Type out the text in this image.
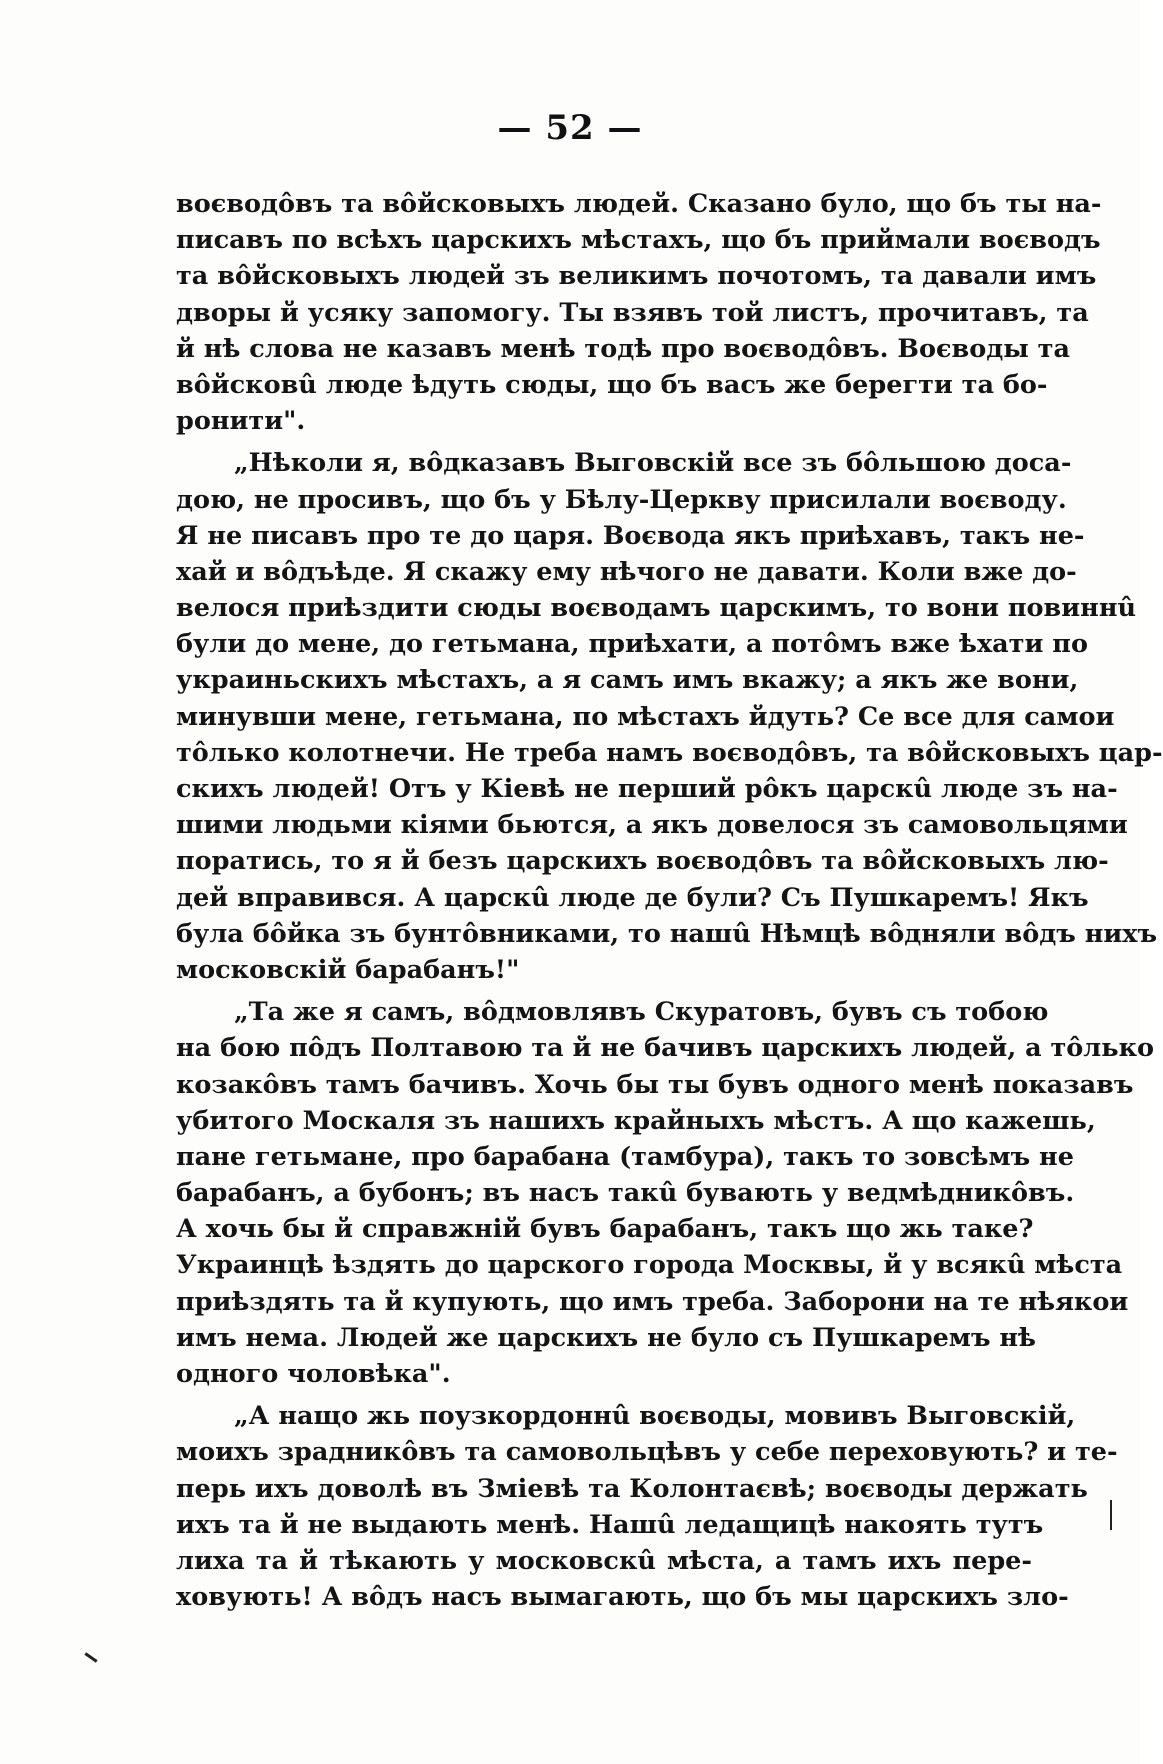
— 52 —
воєводôвъ та вôйсковыхъ людей. Сказано було, що бъ ты на-
писавъ по всѣхъ царскихъ мѣстахъ, що бъ приймали воєводъ
та вôйсковыхъ людей зъ великимъ почотомъ, та давали имъ
дворы й усяку запомогу. Ты взявъ той листъ, прочитавъ, та
й нѣ слова не казавъ менѣ тодѣ про воєводôвъ. Воєводы та
вôйсковû люде ѣдуть сюды, що бъ васъ же берегти та бо-
ронити".
„Нѣколи я, вôдказавъ Выговскій все зъ бôльшою доса-
дою, не просивъ, що бъ у Бѣлу-Церкву присилали воєводу.
Я не писавъ про те до царя. Воєвода якъ приѣхавъ, такъ не-
хай и вôдъѣде. Я скажу ему нѣчого не давати. Коли вже до-
велося приѣздити сюды воєводамъ царскимъ, то вони повиннû
були до мене, до гетьмана, приѣхати, а потôмъ вже ѣхати по
украиньскихъ мѣстахъ, а я самъ имъ вкажу; а якъ же вони,
минувши мене, гетьмана, по мѣстахъ йдуть? Се все для самои
тôлько колотнечи. Не треба намъ воєводôвъ, та вôйсковыхъ цар-
скихъ людей! Отъ у Кіевѣ не перший рôкъ царскû люде зъ на-
шими людьми кіями бьются, а якъ довелося зъ самовольцями
поратись, то я й безъ царскихъ воєводôвъ та вôйсковыхъ лю-
дей вправився. А царскû люде де були? Съ Пушкаремъ! Якъ
була бôйка зъ бунтôвниками, то нашû Нѣмцѣ вôдняли вôдъ нихъ
московскій барабанъ!"
„Та же я самъ, вôдмовлявъ Скуратовъ, бувъ съ тобою
на бою пôдъ Полтавою та й не бачивъ царскихъ людей, а тôлько
козакôвъ тамъ бачивъ. Хочь бы ты бувъ одного менѣ показавъ
убитого Москаля зъ нашихъ крайныхъ мѣстъ. А що кажешь,
пане гетьмане, про барабана (тамбура), такъ то зовсѣмъ не
барабанъ, а бубонъ; въ насъ такû бувають у ведмѣдникôвъ.
А хочь бы й справжній бувъ барабанъ, такъ що жь таке?
Украинцѣ ѣздять до царского города Москвы, й у всякû мѣста
приѣздять та й купують, що имъ треба. Заборони на те нѣякои
имъ нема. Людей же царскихъ не було съ Пушкаремъ нѣ
одного чоловѣка".
„А нащо жь поузкордоннû воєводы, мовивъ Выговскій,
моихъ зрадникôвъ та самовольцѣвъ у себе переховують? и те-
перь ихъ доволѣ въ Зміевѣ та Колонтаєвѣ; воєводы держать
ихъ та й не выдають менѣ. Нашû ледащицѣ накоять тутъ
лиха та й тѣкають у московскû мѣста, а тамъ ихъ пере-
ховують! А вôдъ насъ вымагають, що бъ мы царскихъ зло-
